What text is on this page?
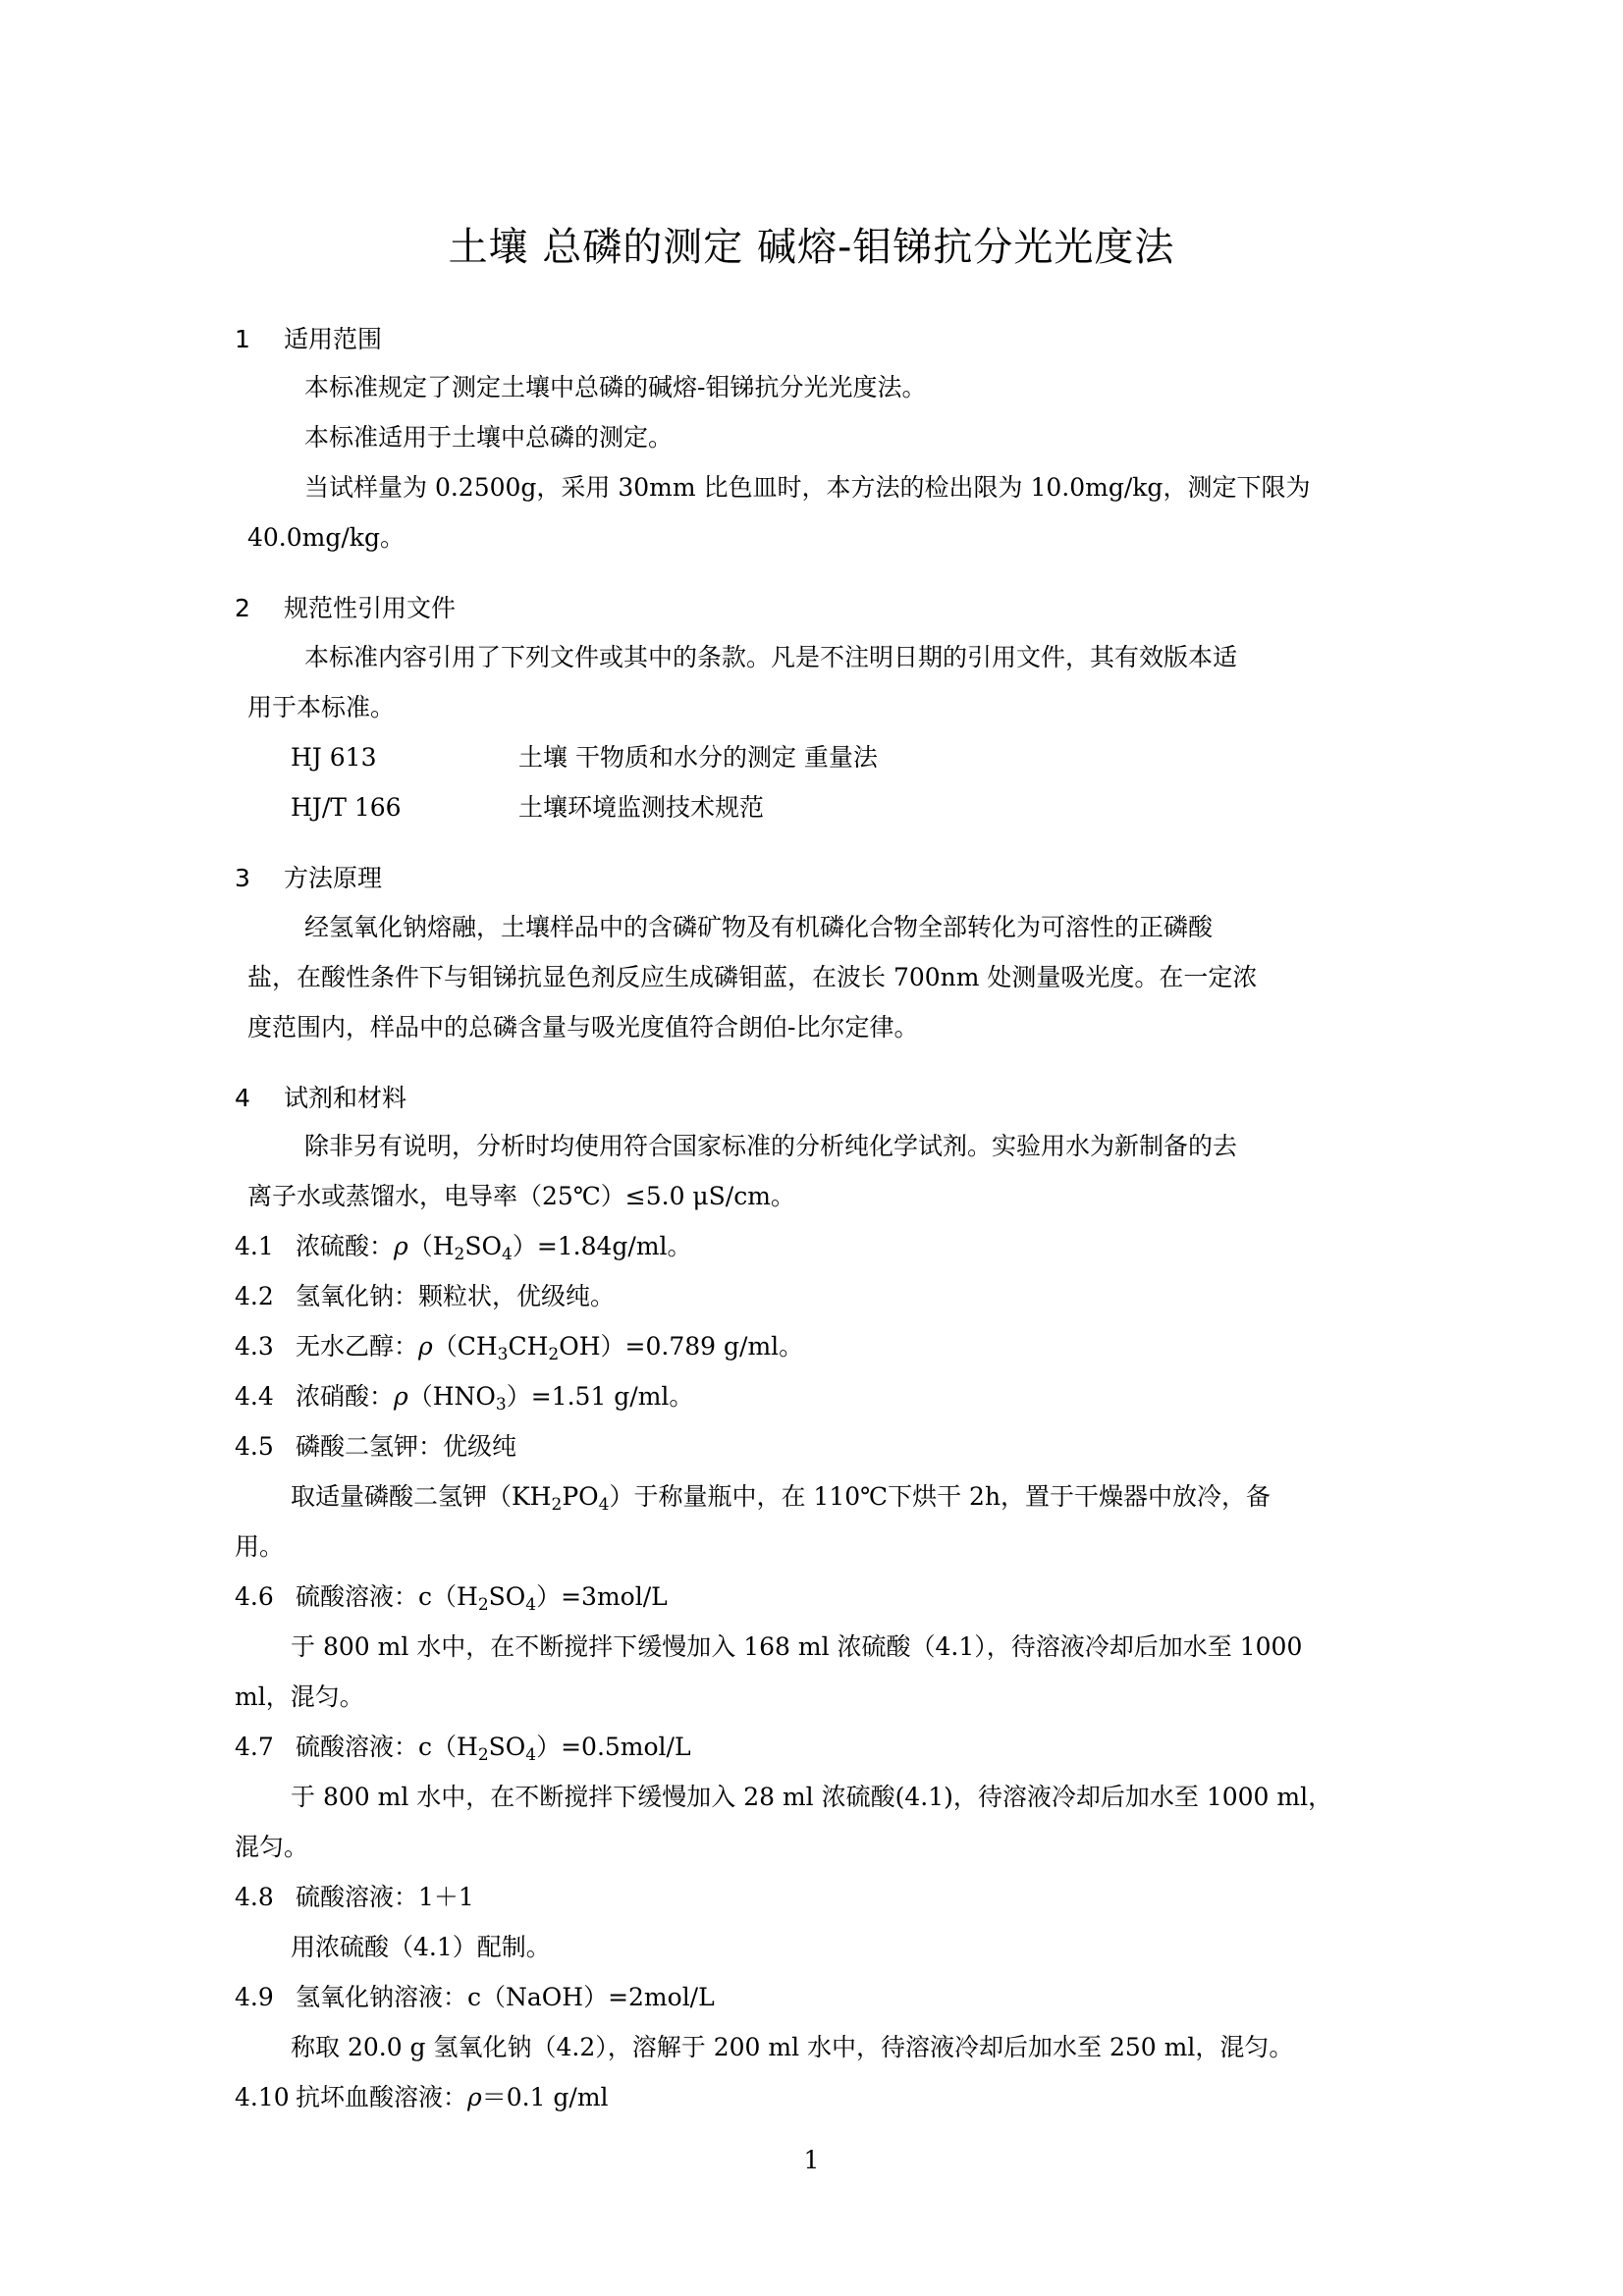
土壤 总磷的测定 碱熔-钼锑抗分光光度法
1 适用范围
本标准规定了测定土壤中总磷的碱熔-钼锑抗分光光度法。
本标准适用于土壤中总磷的测定。
当试样量为 0.2500g，采用 30mm 比色皿时，本方法的检出限为 10.0mg/kg，测定下限为
40.0mg/kg。
2 规范性引用文件
本标准内容引用了下列文件或其中的条款。凡是不注明日期的引用文件，其有效版本适
用于本标准。
HJ 613	土壤 干物质和水分的测定 重量法
HJ/T 166	土壤环境监测技术规范
3 方法原理
经氢氧化钠熔融，土壤样品中的含磷矿物及有机磷化合物全部转化为可溶性的正磷酸
盐，在酸性条件下与钼锑抗显色剂反应生成磷钼蓝，在波长 700nm 处测量吸光度。在一定浓
度范围内，样品中的总磷含量与吸光度值符合朗伯-比尔定律。
4 试剂和材料
除非另有说明，分析时均使用符合国家标准的分析纯化学试剂。实验用水为新制备的去
离子水或蒸馏水，电导率（25℃）≤5.0 μS/cm。
4.1 浓硫酸：$\rho(H_2SO_4)=1.84g/ml$。
4.2 氢氧化钠：颗粒状，优级纯。
4.3 无水乙醇：$\rho(CH_3CH_2OH)=0.789$ g/ml。
4.4 浓硝酸：$\rho(HNO_3)=1.51$ g/ml。
4.5 磷酸二氢钾：优级纯
取适量磷酸二氢钾$(KH_2PO_4)$于称量瓶中，在 110℃下烘干 2h，置于干燥器中放冷，备
用。
4.6 硫酸溶液：$c(H_2SO_4)=3mol/L$
于 800 ml 水中，在不断搅拌下缓慢加入 168 ml 浓硫酸（4.1），待溶液冷却后加水至 1000
ml，混匀。
4.7 硫酸溶液：$c(H_2SO_4)=0.5mol/L$
于 800 ml 水中，在不断搅拌下缓慢加入 28 ml 浓硫酸(4.1)，待溶液冷却后加水至 1000 ml，
混匀。
4.8 硫酸溶液：1＋1
用浓硫酸（4.1）配制。
4.9 氢氧化钠溶液：c（NaOH）=2mol/L
称取 20.0 g 氢氧化钠（4.2），溶解于 200 ml 水中，待溶液冷却后加水至 250 ml，混匀。
4.10 抗坏血酸溶液：ρ＝0.1 g/ml
1
